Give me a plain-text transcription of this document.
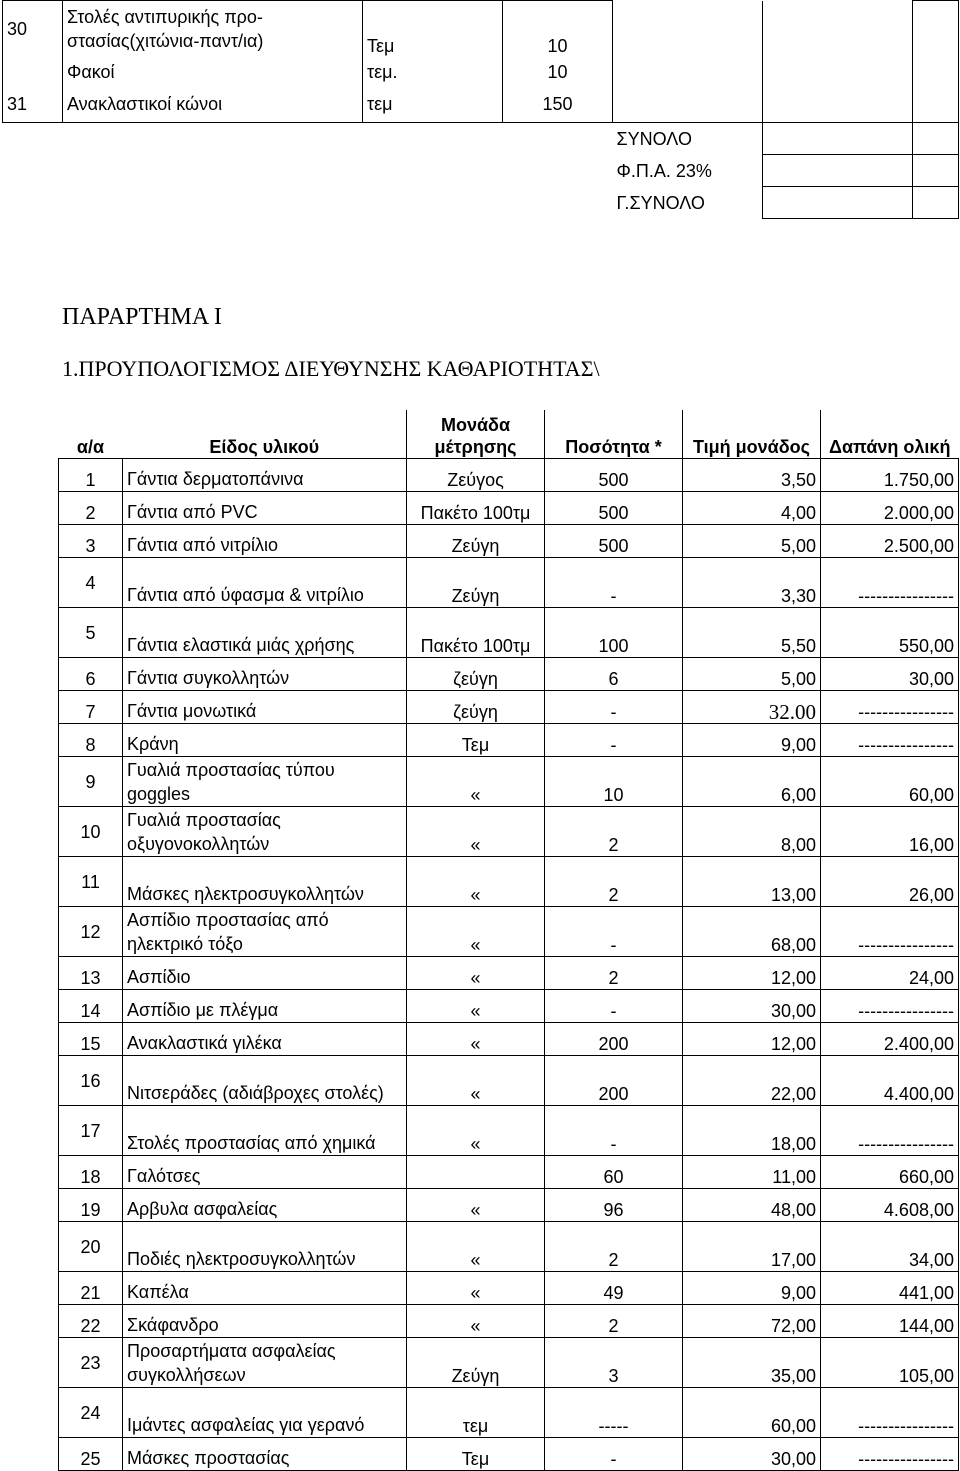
30	Στολές αντιπυρικής προ-
στασίας(χιτώνια-παντ/ια)	Τεμ	10			
	Φακοί	τεμ.	10			
31	Ανακλαστικοί κώνοι	τεμ	150			
				ΣΥΝΟΛΟ		
				Φ.Π.Α. 23%		
				Γ.ΣΥΝΟΛΟ		
ΠΑΡΑΡΤΗΜΑ Ι
1.ΠΡΟΥΠΟΛΟΓΙΣΜΟΣ ΔΙΕΥΘΥΝΣΗΣ ΚΑΘΑΡΙΟΤΗΤΑΣ\
α/α	Είδος υλικού	Μονάδα μέτρησης	Ποσότητα *	Τιμή μονάδος	Δαπάνη ολική
1	Γάντια δερματοπάνινα	Ζεύγος	500	3,50	1.750,00
2	Γάντια από PVC	Πακέτο 100τμ	500	4,00	2.000,00
3	Γάντια από νιτρίλιο	Ζεύγη	500	5,00	2.500,00
4	Γάντια από ύφασμα & νιτρίλιο	Ζεύγη	-	3,30	----------------
5	Γάντια ελαστικά μιάς χρήσης	Πακέτο 100τμ	100	5,50	550,00
6	Γάντια συγκολλητών	ζεύγη	6	5,00	30,00
7	Γάντια μονωτικά	ζεύγη	-	32.00	----------------
8	Κράνη	Τεμ	-	9,00	----------------
9	Γυαλιά προστασίας τύπου goggles	«	10	6,00	60,00
10	Γυαλιά προστασίας οξυγονοκολλητών	«	2	8,00	16,00
11	Μάσκες ηλεκτροσυγκολλητών	«	2	13,00	26,00
12	Ασπίδιο προστασίας από ηλεκτρικό τόξο	«	-	68,00	----------------
13	Ασπίδιο	«	2	12,00	24,00
14	Ασπίδιο με πλέγμα	«	-	30,00	----------------
15	Ανακλαστικά γιλέκα	«	200	12,00	2.400,00
16	Νιτσεράδες (αδιάβροχες στολές)	«	200	22,00	4.400,00
17	Στολές προστασίας από χημικά	«	-	18,00	----------------
18	Γαλότσες		60	11,00	660,00
19	Αρβυλα ασφαλείας	«	96	48,00	4.608,00
20	Ποδιές ηλεκτροσυγκολλητών	«	2	17,00	34,00
21	Καπέλα	«	49	9,00	441,00
22	Σκάφανδρο	«	2	72,00	144,00
23	Προσαρτήματα ασφαλείας συγκολλήσεων	Ζεύγη	3	35,00	105,00
24	Ιμάντες ασφαλείας για γερανό	τεμ	-----	60,00	----------------
25	Μάσκες προστασίας	Τεμ	-	30,00	----------------
